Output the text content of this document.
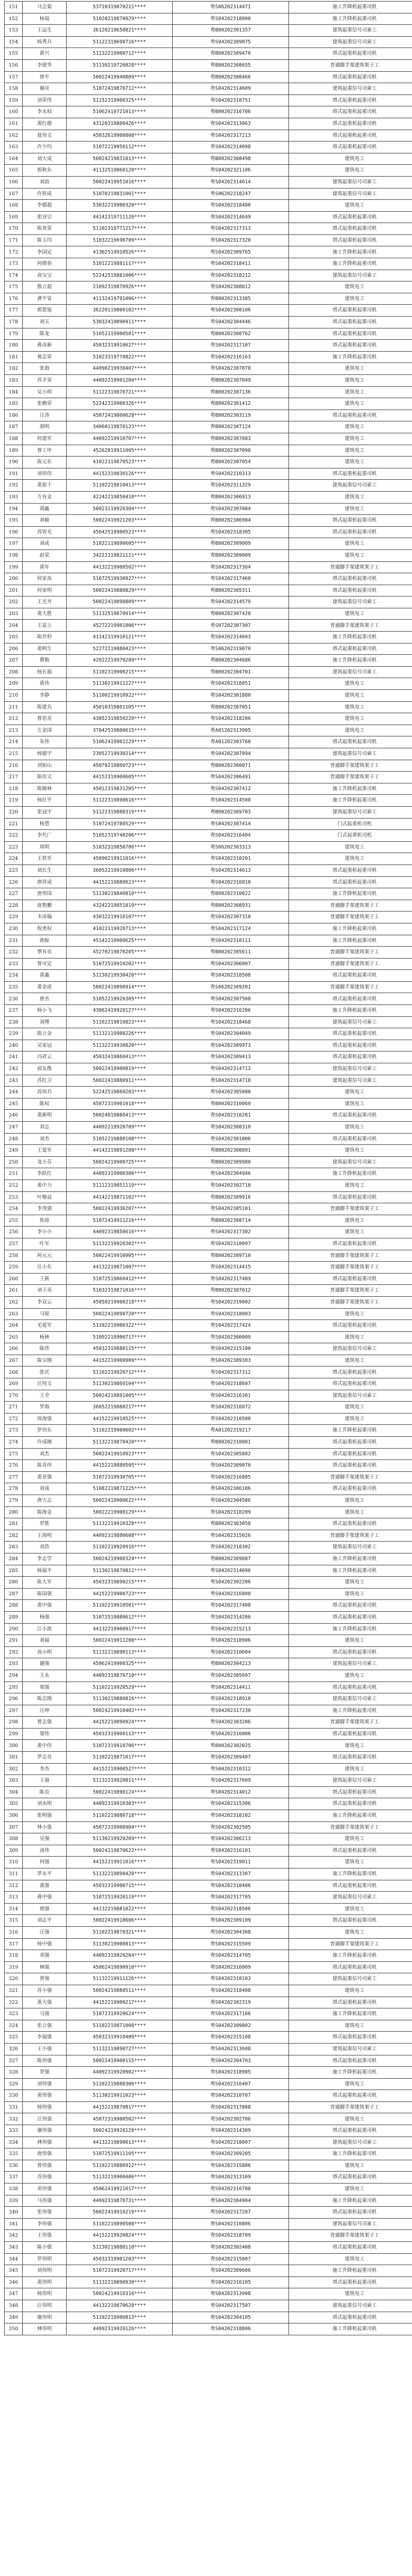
151	马会菊	53710319870211****	粤S06202314471	施工升降机起重司机
152	杨福	51020219870929****	粤S04202318000	施工升降机起重司机
153	王运生	36120219650821****	粤B00202301357	建筑起重信号司索工
154	杨秀兵	51122319690716****	粤S04202309075	建筑起重信号司索工
155	黄兴	51132219900712****	粤B00202309470	塔式起重机起重司机
156	李建华	51130219720828****	粤B00202308655	普通脚手架建筑架子工
157	唐平	50022419940809****	粤B00202308466	塔式起重机起重司机
158	谢亮	51072419870712****	粤S04202314609	建筑起重信号司索工
159	刘荣伟	51152319900325****	粤S04202310751	塔式起重机起重司机
160	李永权	51062419721013****	粤B00202316706	塔式起重机起重司机
161	黄红德	43120319800426****	粤S04202313063	塔式起重机起重司机
162	聂伟文	45032619900808****	粤S04202317213	塔式起重机起重司机
163	许少均	51072219950112****	粤S04202314098	塔式起重机起重司机
164	刘大成	50024219831013****	粤B00202308498	建筑电工
165	郭秋东	41132519860120****	粤S04202321106	建筑电工
166	刘浪	50022419951016****	粤S04202314614	建筑起重信号司索工
167	许铁成	51070219831001****	粤S06202318247	建筑起重信号司索工
168	李德超	53032219900320****	粤S04202318400	建筑电工
169	张诗宗	44142319711120****	粤S04202314649	塔式起重机起重司机
170	陈贵荣	51102319771217****	粤S04202317313	塔式起重机起重司机
171	陈玉均	51032219690709****	粤S04202317320	塔式起重机起重司机
172	李国定	41302519910526****	粤S04202309765	施工升降机起重司机
173	何晓春	51012219881117****	粤S04202318411	施工升降机起重司机
174	高宝宝	52242519881006****	粤S04202318212	建筑起重信号司索工
175	熊立超	21092319870926****	粤S04202308012	建筑电工
176	龚平显	41132419791006****	粤B00202313385	建筑电工
177	郭恩旭	36220119800102****	粤S04202308106	塔式起重机起重司机
178	刘玉	53032419890911****	粤S04202304446	塔式起重机起重司机
179	陈龙	51052119900501****	粤B00202300762	塔式起重机起重司机
180	蒋彦新	45032319910627****	粤S04202317107	塔式起重机起重司机
181	蒋志荣	51023319770822****	粤S04202316163	施工升降机起重司机
182	张海	44090219930407****	粤S04202307078	建筑电工
183	苏才荣	44092219901204****	粤B00202307049	建筑电工
184	吴小明	51122319870721****	粤B00202307136	建筑电工
185	张赖荣	52242319900326****	粤B00202301412	建筑电工
186	汪涛	45072419860628****	粤B00202303119	塔式起重机起重司机
187	胡明	34060119870123****	粤B00202307124	建筑电工
188	何建军	44092219910707****	粤B00202307083	建筑电工
189	曾工申	45262819911005****	粤B00202307098	建筑电工
190	陈元东	41022119870523****	粤B00202307054	建筑电工
191	刘伟伟	44152319830126****	粤S04202310313	塔式起重机起重司机
192	黄祖干	51102219810413****	粤S04202311329	建筑起重信号司索工
193	方有金	42242219850410****	粤B00202306913	建筑电工
194	胡鑫	50023119920304****	粤S04202307004	建筑电工
195	刘敏	50022419921203****	粤B00202306904	塔式起重机起重司机
196	苏智光	45042519900523****	粤S04202318305	塔式起重机起重司机
197	刘成	51032119890605****	粤B00202309009	建筑电工
198	赵荣	34222119821111****	粤B00202309009	建筑电工
199	黄年	44132219900502****	粤S04202317364	普通脚手架建筑架子工
200	何家高	51072519930927****	粤S04202317460	塔式起重机起重司机
201	何家明	50022419880829****	粤B00202305311	塔式起重机起重司机
202	王光齐	50022419890809****	粤S04202314579	建筑起重信号司索工
203	黄大胜	51132519870914****	粤B00202307420	建筑电工
204	王富立	45272219901006****	粤S07202307307	普通脚手架建筑架子工
205	陈世科	41142319910121****	粤S04202314603	施工升降机起重司机
206	黄明生	52272219880423****	粤S06202319070	塔式起重机起重司机
207	曹勤	42022219970209****	粤B00202304686	施工升降机起重司机
208	杨长福	51102319900215****	粤B00202304701	建筑起重信号司索工
209	黄伟	51130219911227****	粤S04202318051	建筑电工
210	李静	51100219910922****	粤S04202301880	建筑电工
211	陈建兵	45010319801105****	粤B00202307051	建筑电工
212	曾思亮	43052319850220****	粤S04202318206	建筑电工
213	左金国	37042519800615****	粤A01202313905	建筑电工
214	朱伟	51062419901229****	粤A01202303760	塔式起重机起重司机
215	杨德宇	23052719930214****	粤S04202307094	建筑起重信号司索工
216	刘如山	45070219860723****	粤B00202300071	普通脚手架建筑架子工
217	陈佳文	44152319900605****	粤S04202306491	普通脚手架建筑架子工
218	陈顺林	45012319831205****	粤S04202307412	施工升降机起重司机
219	杨壮平	51122319890616****	粤S04202314508	施工升降机起重司机
220	张冠宇	51122319880319****	粤B00202309703	建筑起重信号司索工
221	杨慧	51072419780529****	粤S04202307414	门式起重机司机
222	李代厂	51052319740206****	粤S04202316404	门式起重机司机
223	周明	51032319850706****	粤S06202303313	建筑电工
224	王铁军	45090219911016****	粤S04202310201	建筑电工
225	刘长生	36052219910806****	粤S04202314613	塔式起重机起重司机
226	唐祥成	44152219880623****	粤S04202316010	塔式起重机起重司机
227	唐伟国	51130219840810****	粤B00202310022	施工升降机起重司机
228	庞艳鹏	43242219851019****	粤B00202308931	普通脚手架建筑架子工
229	韦彦翰	43032219910107****	粤S04202307310	普通脚手架建筑架子工
230	倪勇权	41022119920713****	粤S04202317124	施工升降机起重司机
231	郭振	45142219900625****	粤S04202318111	施工升降机起重司机
232	覃有良	45270219870205****	粤B00202305611	普通脚手架建筑架子工
233	曾可定	51072519910202****	粤S04202306007	普通脚手架建筑架子工
234	黄鑫	51130219930420****	粤S04202318508	塔式起重机起重司机
235	黄金虎	50022419890914****	粤S06202309201	普通脚手架建筑架子工
236	唐杰	51052219920305****	粤S04202307508	塔式起重机起重司机
237	杨小飞	43062419920127****	粤S04202316206	施工升降机起重司机
238	刘博	51102219810823****	粤S04202318468	建筑起重信号司索工
239	陈立金	51132119900226****	粤S04202304049	塔式起重机起重司机
240	吴家冠	51132219930820****	粤S04202309973	塔式起重机起重司机
241	冯祥云	45032419860413****	粤S04202309413	塔式起重机起重司机
242	邱友俊	50022419900819****	粤S04202314713	建筑起重信号司索工
243	苏红卫	50022419880911****	粤S04202314718	建筑起重信号司索工
244	苏伟兵	52242519860203****	粤S04202305080	建筑电工
245	陈权	45072319901018****	粤B00202310069	建筑电工
246	黄新明	50024019880413****	粤S04202310281	塔式起重机起重司机
247	刘志	44092219920709****	粤S04202308310	建筑电工
248	刘杰	51052219880108****	粤S04202301006	塔式起重机起重司机
249	王爱军	44142219891208****	粤B00202308091	建筑电工
250	龙小芬	50024219900725****	粤B00202309980	建筑起重信号司索工
251	李跃红	44092319900306****	粤S04202304946	施工升降机起重司机
252	黄中力	51112319851119****	粤S04202302718	建筑电工
253	叶修益	44142219871102****	粤B00202309916	塔式起重机起重司机
254	李茂强	50022419930207****	粤S04202305101	普通脚手架建筑架子工
255	焦琼	51072419911216****	粤B00202308714	建筑电工
256	李小小	44092319850616****	粤S04202317302	建筑电工
257	叶军	51132219920302****	粤S04202310097	塔式起重机起重司机
258	何元元	50022419910905****	粤B00202309710	普通脚手架建筑架子工
259	汪小东	44132219871007****	粤S04202314415	普通脚手架建筑架子工
260	王新	51072519860412****	粤S04202317489	塔式起重机起重司机
261	刘子亮	51032319871016****	粤B00202307012	普通脚手架建筑架子工
262	李双云	45050219900218****	粤S04202319002	普通脚手架建筑架子工
263	马锐	50022419890720****	粤S04202318003	建筑电工
264	毛爱军	51102219900322****	粤S04202317424	塔式起重机起重司机
265	杨林	51092219900717****	粤S04202300009	建筑电工
266	陈伟	45032319880115****	粤S04202315100	建筑起重信号司索工
267	陈宝刚	44152219900909****	粤S04202309303	建筑电工
268	张庆	51102219920712****	粤S04202317312	塔式起重机起重司机
269	汪纯文	51130219860104****	粤S04202318607	塔式起重机起重司机
270	王全	50024219891005****	粤S04202316301	建筑起重信号司索工
271	罗海	36052219880217****	粤S04202316072	建筑电工
272	周海强	44152219910525****	粤S04202310500	建筑电工
273	罗伟东	51102219900602****	粤A01202319217	施工升降机起重司机
274	许成刚	51132219870420****	粤B00202310001	塔式起重机起重司机
275	刘杰	50022419910923****	粤S04202305802	塔式起重机起重司机
276	陈青伟	44152219880505****	粤S04202309070	塔式起重机起重司机
277	黄亚强	51072319930705****	粤S04202316805	普通脚手架建筑架子工
278	刘成	51082219871225****	粤S04202306106	塔式起重机起重司机
279	唐大志	50022419900622****	粤S04202304506	建筑电工
280	陈海金	50022219900129****	粤S04202310209	建筑电工
281	罗胜	51132219910328****	粤B00202303058	塔式起重机起重司机
282	王海明	44092319880608****	粤S04202315026	普通脚手架建筑架子工
283	刘浩	51102219920916****	粤S04202318302	建筑起重信号司索工
284	李志学	50024219900324****	粤B00202309087	施工升降机起重司机
285	杨福平	51130219870811****	粤S04202314096	施工升降机起重司机
286	陈大军	45032319890215****	粤S04202302206	建筑电工
287	陈国强	44152219900723****	粤S04202316800	建筑电工
288	黄中强	51102219910501****	粤S04202317408	塔式起重机起重司机
289	杨强	51072519880612****	粤S04202314206	塔式起重机起重司机
290	江小波	44132219900917****	粤S04202315213	施工升降机起重司机
291	刘福	50022419911208****	粤S04202310906	建筑电工
292	高小明	51132219890113****	粤S04202310604	塔式起重机起重司机
293	谢强	45062419900325****	粤B00202304213	建筑起重信号司索工
294	王永	44092319870710****	粤S04202305097	建筑电工
295	梁强	51102219920529****	粤S04202314411	塔式起重机起重司机
296	陈志刚	51130219880816****	粤S04202318910	建筑起重信号司索工
297	汪坤	50024219910402****	粤S04202317230	施工升降机起重司机
298	曾志强	44152219890924****	粤S04202303206	普通脚手架建筑架子工
299	梁伟	45032319900113****	粤S04202316006	塔式起重机起重司机
300	黄中伟	51072319910706****	粤B00202302025	建筑电工
301	罗志良	51102219871017****	粤S04202309407	塔式起重机起重司机
302	李杰	44152219900527****	粤S04202310312	建筑电工
303	王福	51132219920811****	粤S04202317609	建筑起重信号司索工
304	陈良	50022419890124****	粤S04202314012	塔式起重机起重司机
305	刘永明	44092319910303****	粤S04202315306	塔式起重机起重司机
306	张明强	51102219880718****	粤S04202318102	施工升降机起重司机
307	林小强	45072319900904****	粤S04202302505	普通脚手架建筑架子工
308	吴强	51130219920209****	粤S04202306213	建筑电工
309	汤伟	50024219870622****	粤S04202316101	塔式起重机起重司机
310	何强	44152219911016****	粤S04202319011	建筑电工
311	罗永平	51132219890428****	粤S04202313307	施工升降机起重司机
312	黄强	45032319900715****	粤S04202310406	塔式起重机起重司机
313	蒋中强	51072519920119****	粤S04202317705	建筑起重信号司索工
314	唐强	44132219881022****	粤S04202318506	建筑电工
315	刘志平	50022419910606****	粤S04202309109	塔式起重机起重司机
316	汪强	51102219870321****	粤S04202304308	建筑电工
317	杨中强	51130219900813****	粤S04202315509	普通脚手架建筑架子工
318	邓强	44092319920204****	粤S04202314705	施工升降机起重司机
319	林强	45062419890910****	粤S04202316009	塔式起重机起重司机
320	曾强	51132219911126****	粤S04202310103	建筑起重信号司索工
321	苏小强	50024219880511****	粤S04202318408	建筑电工
322	黄大强	44152219900217****	粤S04202302319	塔式起重机起重司机
323	马强	51072319920624****	粤S04202317106	施工升降机起重司机
324	张立强	51102219871008****	粤S04202309802	建筑电工
325	李福强	45032319910409****	粤S04202315108	塔式起重机起重司机
326	王小强	51132219890727****	粤S04202313608	建筑起重信号司索工
327	陈伟强	50022419900115****	粤S04202304703	塔式起重机起重司机
328	罗强	44092319920902****	粤S04202318905	施工升降机起重司机
329	刘伟强	51102219880306****	粤S04202316407	建筑电工
330	黄伟强	51130219911023****	粤S04202310707	塔式起重机起重司机
331	杨伟强	44152219870817****	粤S04202317808	普通脚手架建筑架子工
332	汪伟强	45072319900502****	粤S04202302706	建筑电工
333	谢伟强	50024219920128****	粤S04202314309	塔式起重机起重司机
334	林伟强	44132219890613****	粤S04202318007	建筑起重信号司索工
335	唐伟强	51072519911105****	粤S04202309205	施工升降机起重司机
336	曾伟强	51102219880922****	粤S04202315806	建筑电工
337	苏伟强	51132219900406****	粤S04202313109	塔式起重机起重司机
338	邓伟强	45062419921017****	粤S04202316708	建筑电工
339	马伟强	44092319870731****	粤S04202304904	施工升降机起重司机
340	张伟强	50022419910219****	粤S04202317207	塔式起重机起重司机
341	李伟强	51102219890508****	粤S04202310806	建筑起重信号司索工
342	王伟强	44152219920824****	粤S04202318709	普通脚手架建筑架子工
343	陈小强	51130219880110****	粤S04202302408	塔式起重机起重司机
344	罗伟明	45032319901203****	粤S04202315007	建筑电工
345	刘伟明	51072319920717****	粤S04202309606	施工升降机起重司机
346	黄伟明	51132219890930****	粤S04202316105	塔式起重机起重司机
347	杨伟明	50024219910316****	粤S04202313908	建筑电工
348	汪伟明	44132219870628****	粤S04202317507	建筑起重信号司索工
349	谢伟明	51102219900813****	粤S04202304105	塔式起重机起重司机
350	林伟明	44092319920126****	粤S04202318806	施工升降机起重司机
